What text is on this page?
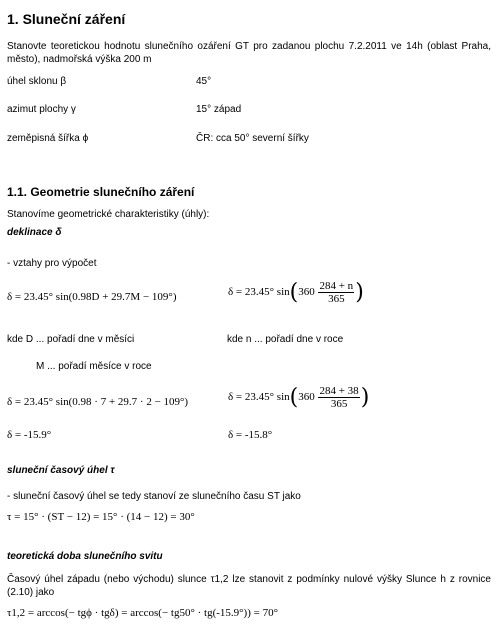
1. Sluneční záření
Stanovte teoretickou hodnotu slunečního ozáření GT pro zadanou plochu 7.2.2011 ve 14h (oblast Praha, město), nadmořská výška 200 m
úhel sklonu β	45°
azimut plochy γ	15° západ
zeměpisná šířka ϕ	ČR: cca 50° severní šířky
1.1. Geometrie slunečního záření
Stanovíme geometrické charakteristiky (úhly):
deklinace δ
- vztahy pro výpočet
δ = 23.45° sin(0.98D + 29.7M − 109°)	δ = 23.45° $\sin(360 \frac{284 + n}{365}$ )
kde D ... pořadí dne v měsíci	kde n ... pořadí dne v roce
M ... pořadí měsíce v roce
δ = 23.45° sin(0.98 · 7 + 29.7 · 2 − 109°)	δ = 23.45° $\sin(360 \frac{284 + 38}{365}$ )
δ = -15.9°	δ = -15.8°
sluneční časový úhel τ
- sluneční časový úhel se tedy stanoví ze slunečního času ST jako
τ = 15° · (ST − 12) = 15° · (14 − 12) = 30°
teoretická doba slunečního svitu
Časový úhel západu (nebo východu) slunce τ1,2 lze stanovit z podmínky nulové výšky Slunce h z rovnice (2.10) jako
τ1,2 = arccos(− tgϕ · tgδ) = arccos(− tg50° · tg(-15.9°)) = 70°
